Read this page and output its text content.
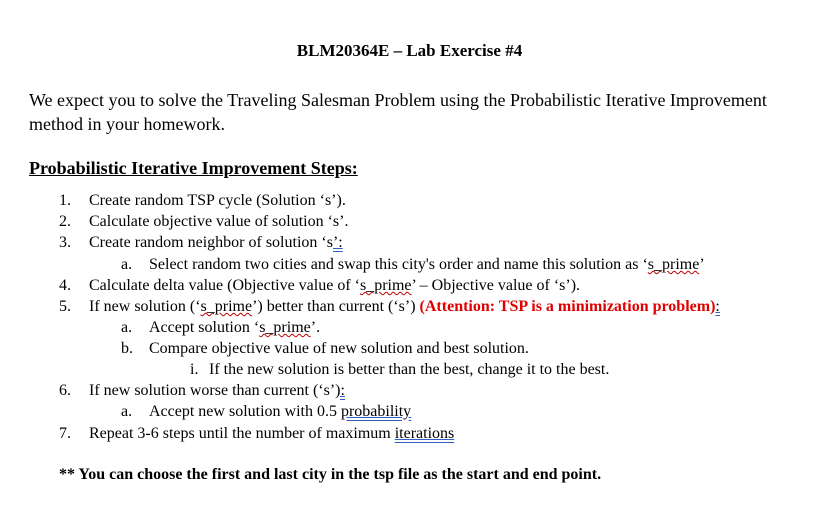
BLM20364E – Lab Exercise #4
We expect you to solve the Traveling Salesman Problem using the Probabilistic Iterative Improvement method in your homework.
Probabilistic Iterative Improvement Steps:
1. Create random TSP cycle (Solution ‘s’).
2. Calculate objective value of solution ‘s’.
3. Create random neighbor of solution ‘s’:
a. Select random two cities and swap this city's order and name this solution as ‘s_prime’
4. Calculate delta value (Objective value of ‘s_prime’ – Objective value of ‘s’).
5. If new solution (‘s_prime’) better than current (‘s’) (Attention: TSP is a minimization problem):
a. Accept solution ‘s_prime’.
b. Compare objective value of new solution and best solution.
i. If the new solution is better than the best, change it to the best.
6. If new solution worse than current (‘s’):
a. Accept new solution with 0.5 probability
7. Repeat 3-6 steps until the number of maximum iterations
** You can choose the first and last city in the tsp file as the start and end point.
